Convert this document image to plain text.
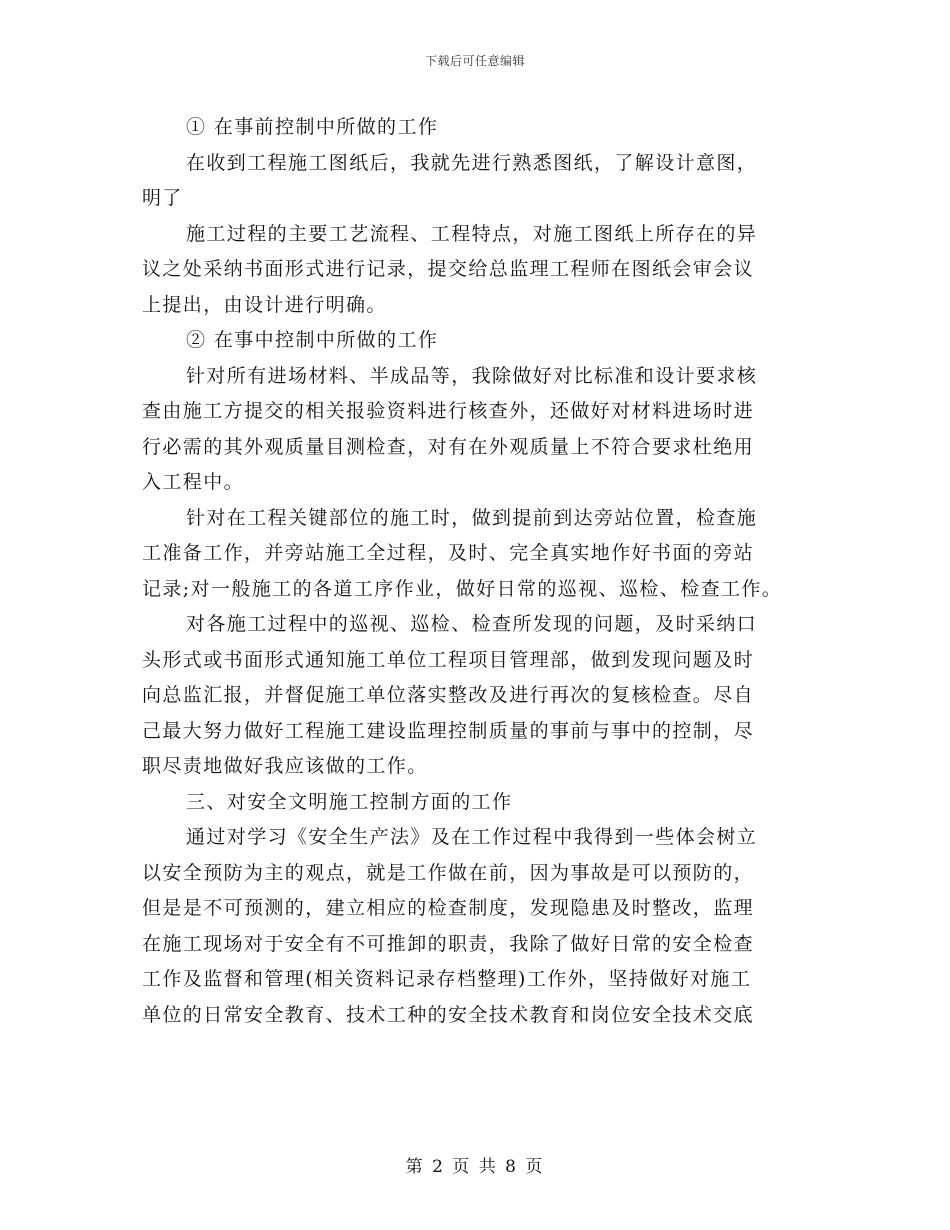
下载后可任意编辑
① 在事前控制中所做的工作
在收到工程施工图纸后，我就先进行熟悉图纸，了解设计意图，
明了
施工过程的主要工艺流程、工程特点，对施工图纸上所存在的异
议之处采纳书面形式进行记录，提交给总监理工程师在图纸会审会议
上提出，由设计进行明确。
② 在事中控制中所做的工作
针对所有进场材料、半成品等，我除做好对比标准和设计要求核
查由施工方提交的相关报验资料进行核查外，还做好对材料进场时进
行必需的其外观质量目测检查，对有在外观质量上不符合要求杜绝用
入工程中。
针对在工程关键部位的施工时，做到提前到达旁站位置，检查施
工准备工作，并旁站施工全过程，及时、完全真实地作好书面的旁站
记录;对一般施工的各道工序作业，做好日常的巡视、巡检、检查工作。
对各施工过程中的巡视、巡检、检查所发现的问题，及时采纳口
头形式或书面形式通知施工单位工程项目管理部，做到发现问题及时
向总监汇报，并督促施工单位落实整改及进行再次的复核检查。尽自
己最大努力做好工程施工建设监理控制质量的事前与事中的控制，尽
职尽责地做好我应该做的工作。
三、对安全文明施工控制方面的工作
通过对学习《安全生产法》及在工作过程中我得到一些体会树立
以安全预防为主的观点，就是工作做在前，因为事故是可以预防的，
但是是不可预测的，建立相应的检查制度，发现隐患及时整改，监理
在施工现场对于安全有不可推卸的职责，我除了做好日常的安全检查
工作及监督和管理(相关资料记录存档整理)工作外，坚持做好对施工
单位的日常安全教育、技术工种的安全技术教育和岗位安全技术交底
第 2 页 共 8 页
